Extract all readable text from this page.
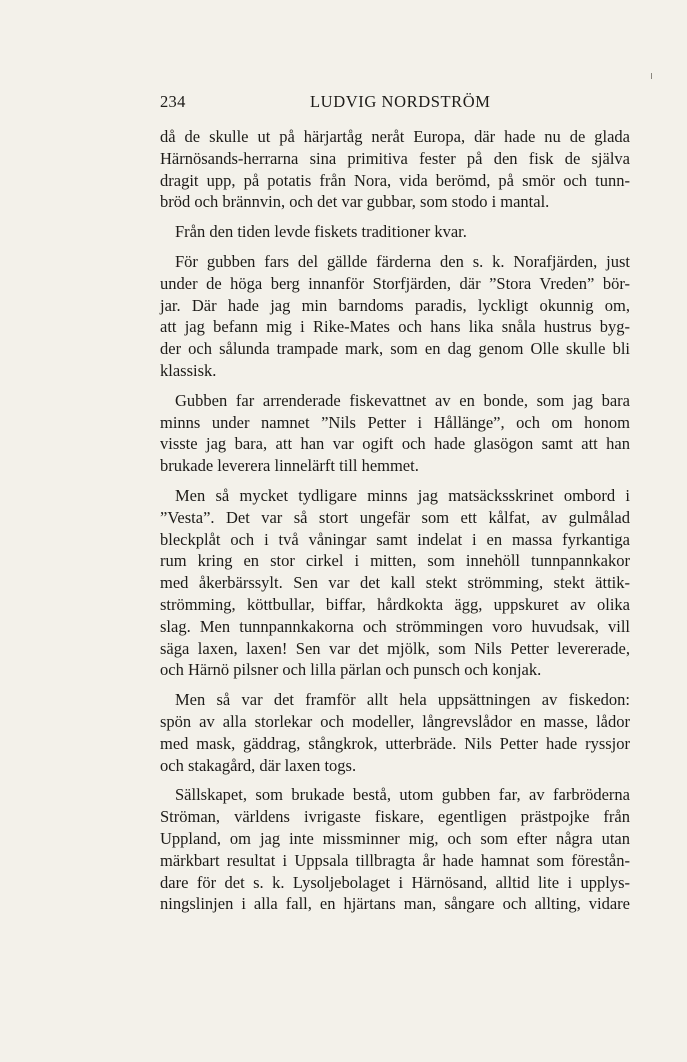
234	LUDVIG NORDSTRÖM
då de skulle ut på härjartåg neråt Europa, där hade nu de glada
Härnösands-herrarna sina primitiva fester på den fisk de själva
dragit upp, på potatis från Nora, vida berömd, på smör och tunn-
bröd och brännvin, och det var gubbar, som stodo i mantal.
Från den tiden levde fiskets traditioner kvar.
För gubben fars del gällde färderna den s. k. Norafjärden, just
under de höga berg innanför Storfjärden, där ”Stora Vreden” bör-
jar. Där hade jag min barndoms paradis, lyckligt okunnig om,
att jag befann mig i Rike-Mates och hans lika snåla hustrus byg-
der och sålunda trampade mark, som en dag genom Olle skulle bli
klassisk.
Gubben far arrenderade fiskevattnet av en bonde, som jag bara
minns under namnet ”Nils Petter i Hållänge”, och om honom
visste jag bara, att han var ogift och hade glasögon samt att han
brukade leverera linnelärft till hemmet.
Men så mycket tydligare minns jag matsäcksskrinet ombord i
”Vesta”. Det var så stort ungefär som ett kålfat, av gulmålad
bleckplåt och i två våningar samt indelat i en massa fyrkantiga
rum kring en stor cirkel i mitten, som innehöll tunnpannkakor
med åkerbärssylt. Sen var det kall stekt strömming, stekt ättik-
strömming, köttbullar, biffar, hårdkokta ägg, uppskuret av olika
slag. Men tunnpannkakorna och strömmingen voro huvudsak, vill
säga laxen, laxen! Sen var det mjölk, som Nils Petter levererade,
och Härnö pilsner och lilla pärlan och punsch och konjak.
Men så var det framför allt hela uppsättningen av fiskedon:
spön av alla storlekar och modeller, långrevslådor en masse, lådor
med mask, gäddrag, stångkrok, utterbräde. Nils Petter hade ryssjor
och stakagård, där laxen togs.
Sällskapet, som brukade bestå, utom gubben far, av farbröderna
Ströman, världens ivrigaste fiskare, egentligen prästpojke från
Uppland, om jag inte missminner mig, och som efter några utan
märkbart resultat i Uppsala tillbragta år hade hamnat som förestån-
dare för det s. k. Lysoljebolaget i Härnösand, alltid lite i upplys-
ningslinjen i alla fall, en hjärtans man, sångare och allting, vidare
